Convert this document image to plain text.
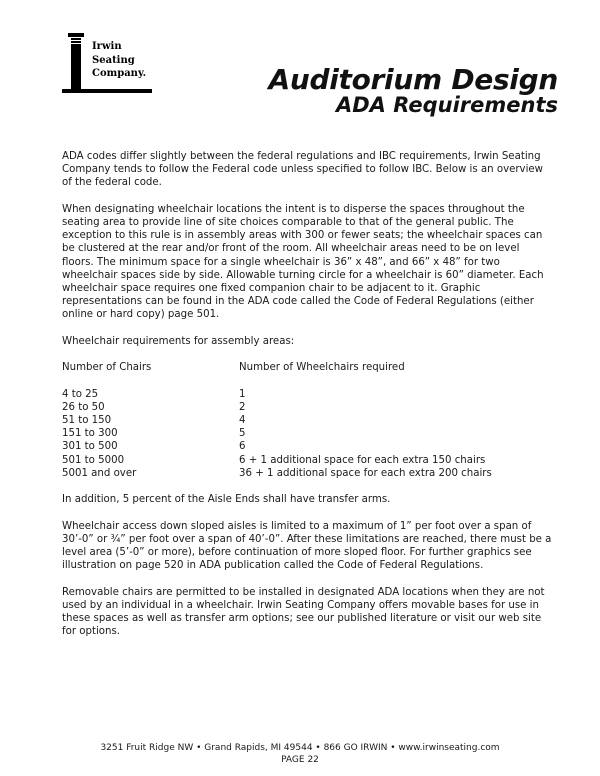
Irwin
Seating
Company.	Auditorium Design
ADA Requirements

ADA codes differ slightly between the federal regulations and IBC requirements, Irwin Seating Company tends to follow the Federal code unless specified to follow IBC. Below is an overview of the federal code.

When designating wheelchair locations the intent is to disperse the spaces throughout the seating area to provide line of site choices comparable to that of the general public. The exception to this rule is in assembly areas with 300 or fewer seats; the wheelchair spaces can be clustered at the rear and/or front of the room. All wheelchair areas need to be on level floors. The minimum space for a single wheelchair is 36” x 48”, and 66” x 48” for two wheelchair spaces side by side. Allowable turning circle for a wheelchair is 60” diameter. Each wheelchair space requires one fixed companion chair to be adjacent to it. Graphic representations can be found in the ADA code called the Code of Federal Regulations (either online or hard copy) page 501.

Wheelchair requirements for assembly areas:

Number of Chairs	Number of Wheelchairs required
4 to 25	1
26 to 50	2
51 to 150	4
151 to 300	5
301 to 500	6
501 to 5000	6 + 1 additional space for each extra 150 chairs
5001 and over	36 + 1 additional space for each extra 200 chairs

In addition, 5 percent of the Aisle Ends shall have transfer arms.

Wheelchair access down sloped aisles is limited to a maximum of 1” per foot over a span of 30’-0” or ¾” per foot over a span of 40’-0”. After these limitations are reached, there must be a level area (5’-0” or more), before continuation of more sloped floor. For further graphics see illustration on page 520 in ADA publication called the Code of Federal Regulations.

Removable chairs are permitted to be installed in designated ADA locations when they are not used by an individual in a wheelchair. Irwin Seating Company offers movable bases for use in these spaces as well as transfer arm options; see our published literature or visit our web site for options.

3251 Fruit Ridge NW • Grand Rapids, MI 49544 • 866 GO IRWIN • www.irwinseating.com
PAGE 22
